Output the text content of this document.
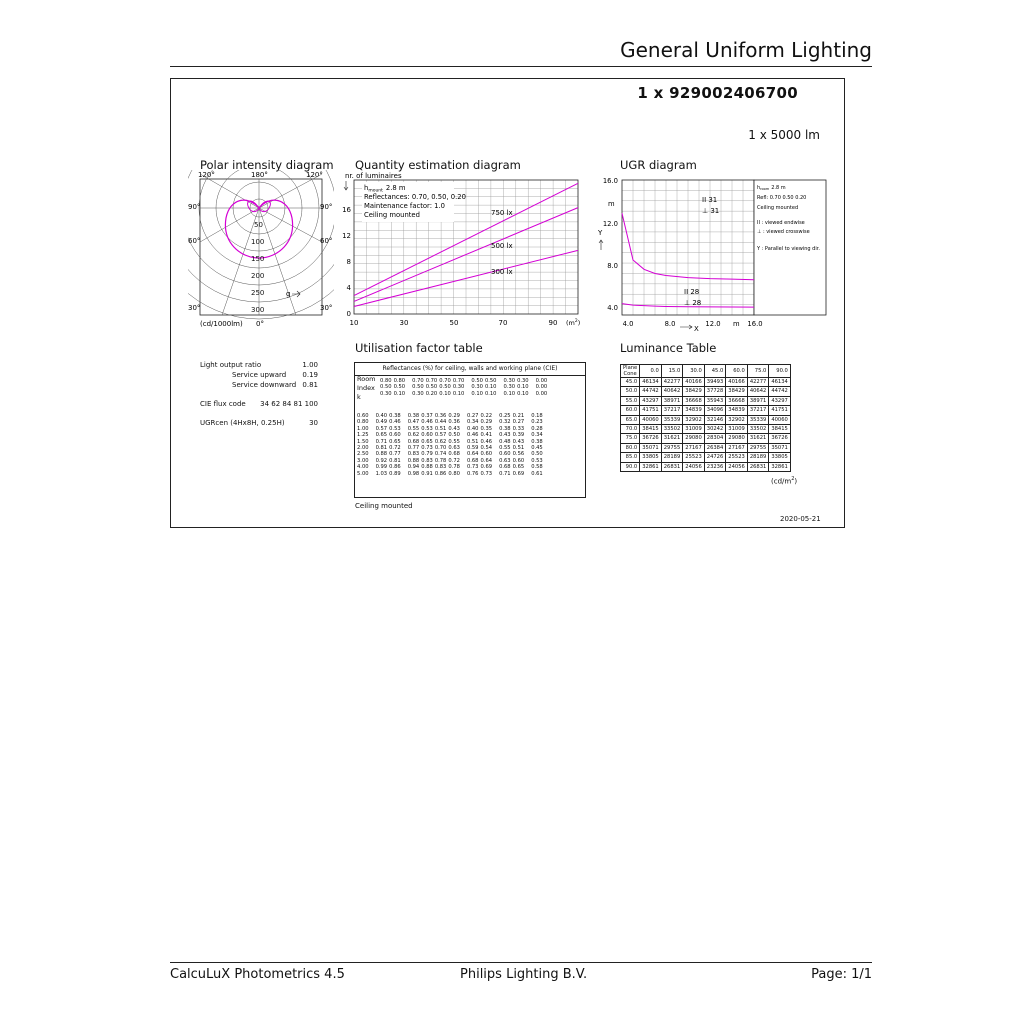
General Uniform Lighting
1 x 929002406700
1 x 5000 lm
Polar intensity diagram
120°	180°	120°
90°
60°
30°
90°
60°
30°
50
100
150
200
250
300
g
(cd/1000lm) 0°
Quantity estimation diagram
nr. of luminaires
$h_{mount}$ 2.8 m
Reflectances: 0.70, 0.50, 0.20
Maintenance factor: 1.0
Ceiling mounted	750 lx
500 lx
300 lx
0
4
8
12
16
10	30	50	70	90 $(m^2)$
UGR diagram
16.0
12.0
8.0
4.0
m
Y
4.0	8.0	12.0	16.0
m
X
II 31
⊥ 31
II 28
⊥ 28
$h_{room}$ 2.8 m
Refl: 0.70 0.50 0.20
Ceiling mounted
II : viewed endwise
⊥ : viewed crosswise
Y : Parallel to viewing dir.
Light output ratio	1.00
Service upward 0.19
Service downward 0.81
CIE flux code 34 62 84 81 100
UGRcen (4Hx8H, 0.25H)	30
Utilisation factor table
Reflectances (%) for ceiling, walls and working plane (CIE)
Room
Index
k
0.80	0.80	0.70	0.70	0.70	0.70	0.50	0.50	0.30	0.30	0.00
0.50	0.50	0.50	0.50	0.50	0.30	0.30	0.10	0.30	0.10	0.00
0.30	0.10	0.30	0.20	0.10	0.10	0.10	0.10	0.10	0.10	0.00
0.60	0.40	0.38	0.38	0.37	0.36	0.29	0.27	0.22	0.25	0.21	0.18
0.80	0.49	0.46	0.47	0.46	0.44	0.36	0.34	0.29	0.32	0.27	0.23
1.00	0.57	0.53	0.55	0.53	0.51	0.43	0.40	0.35	0.38	0.33	0.28
1.25	0.65	0.60	0.62	0.60	0.57	0.50	0.46	0.41	0.43	0.39	0.34
1.50	0.71	0.65	0.68	0.65	0.62	0.55	0.51	0.46	0.48	0.43	0.38
2.00	0.81	0.72	0.77	0.73	0.70	0.63	0.59	0.54	0.55	0.51	0.45
2.50	0.88	0.77	0.83	0.79	0.74	0.68	0.64	0.60	0.60	0.56	0.50
3.00	0.92	0.81	0.88	0.83	0.78	0.72	0.68	0.64	0.63	0.60	0.53
4.00	0.99	0.86	0.94	0.88	0.83	0.78	0.73	0.69	0.68	0.65	0.58
5.00	1.03	0.89	0.98	0.91	0.86	0.80	0.76	0.73	0.71	0.69	0.61
Ceiling mounted
Luminance Table
Plane
Cone	0.0	15.0	30.0	45.0	60.0	75.0	90.0
45.0	46134	42277	40166	39493	40166	42277	46134
50.0	44742	40642	38429	37728	38429	40642	44742
55.0	43297	38971	36668	35943	36668	38971	43297
60.0	41751	37217	34839	34096	34839	37217	41751
65.0	40060	35339	32902	32146	32902	35339	40060
70.0	38415	33502	31009	30242	31009	33502	38415
75.0	36726	31621	29080	28304	29080	31621	36726
80.0	35071	29755	27167	26384	27167	29755	35071
85.0	33805	28189	25523	24726	25523	28189	33805
90.0	32861	26831	24056	23236	24056	26831	32861
$(cd/m^2)$
2020-05-21
CalcuLuX Photometrics 4.5	Philips Lighting B.V.	Page: 1/1
